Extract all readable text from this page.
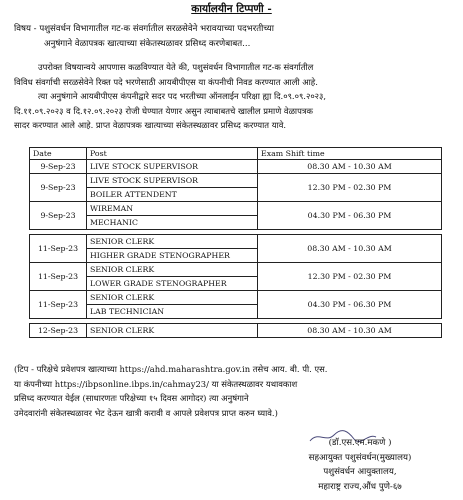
कार्यालयीन टिप्पणी -
विषय - पशुसंवर्धन विभागातील गट-क संवर्गातील सरळसेवेने भरावयाच्या पदभरतीच्या
अनुषंगाने वेळापत्रक खात्याच्या संकेतस्थळावर प्रसिध्द करणेबाबत...
उपरोक्त विषयान्वये आपणास कळविण्यात येते की, पशुसंवर्धन विभागातील गट-क संवर्गातील
विविध संवर्गाची सरळसेवेने रिक्त पदे भरणेसाठी आयबीपीएस या कंपनीची निवड करण्यात आली आहे.
त्या अनुषंगाने आयबीपीएस कंपनीद्वारे सदर पद भरतीच्या ऑनलाईन परिक्षा ह्या दि.०९.०९.२०२३,
दि.११.०९.२०२३ व दि.१२.०९.२०२३ रोजी घेण्यात येणार असुन त्याबाबतचे खालील प्रमाणे वेळापत्रक
सादर करण्यात आले आहे. प्राप्त वेळापत्रक खात्याच्या संकेतस्थळावर प्रसिध्द करण्यात यावे.
Date	Post	Exam Shift time
9-Sep-23	LIVE STOCK SUPERVISOR	08.30 AM - 10.30 AM
9-Sep-23	LIVE STOCK SUPERVISOR
BOILER ATTENDENT	12.30 PM - 02.30 PM
9-Sep-23	WIREMAN
MECHANIC	04.30 PM - 06.30 PM

11-Sep-23	SENIOR CLERK
HIGHER GRADE STENOGRAPHER	08.30 AM - 10.30 AM
11-Sep-23	SENIOR CLERK
LOWER GRADE STENOGRAPHER	12.30 PM - 02.30 PM
11-Sep-23	SENIOR CLERK
LAB TECHNICIAN	04.30 PM - 06.30 PM

12-Sep-23	SENIOR CLERK	08.30 AM - 10.30 AM
(टिप - परिक्षेचे प्रवेशपत्र खात्याच्या https://ahd.maharashtra.gov.in तसेच आय. बी. पी. एस.
या कंपनीच्या https://ibpsonline.ibps.in/cahmay23/ या संकेतस्थळावर यथावकाश
प्रसिध्द करण्यात येईल (साधारणतः परिक्षेच्या १५ दिवस आगोदर) त्या अनुषंगाने
उमेदवारांनी संकेतस्थळावर भेट देऊन खात्री करावी व आपले प्रवेशपत्र प्राप्त करुन घ्यावे.)
(डॉ.एस.एम.मकणे )
सहआयुक्त पशुसंवर्धन(मुख्यालय)
पशुसंवर्धन आयुक्तालय,
महाराष्ट्र राज्य,औंध पुणे-६७
